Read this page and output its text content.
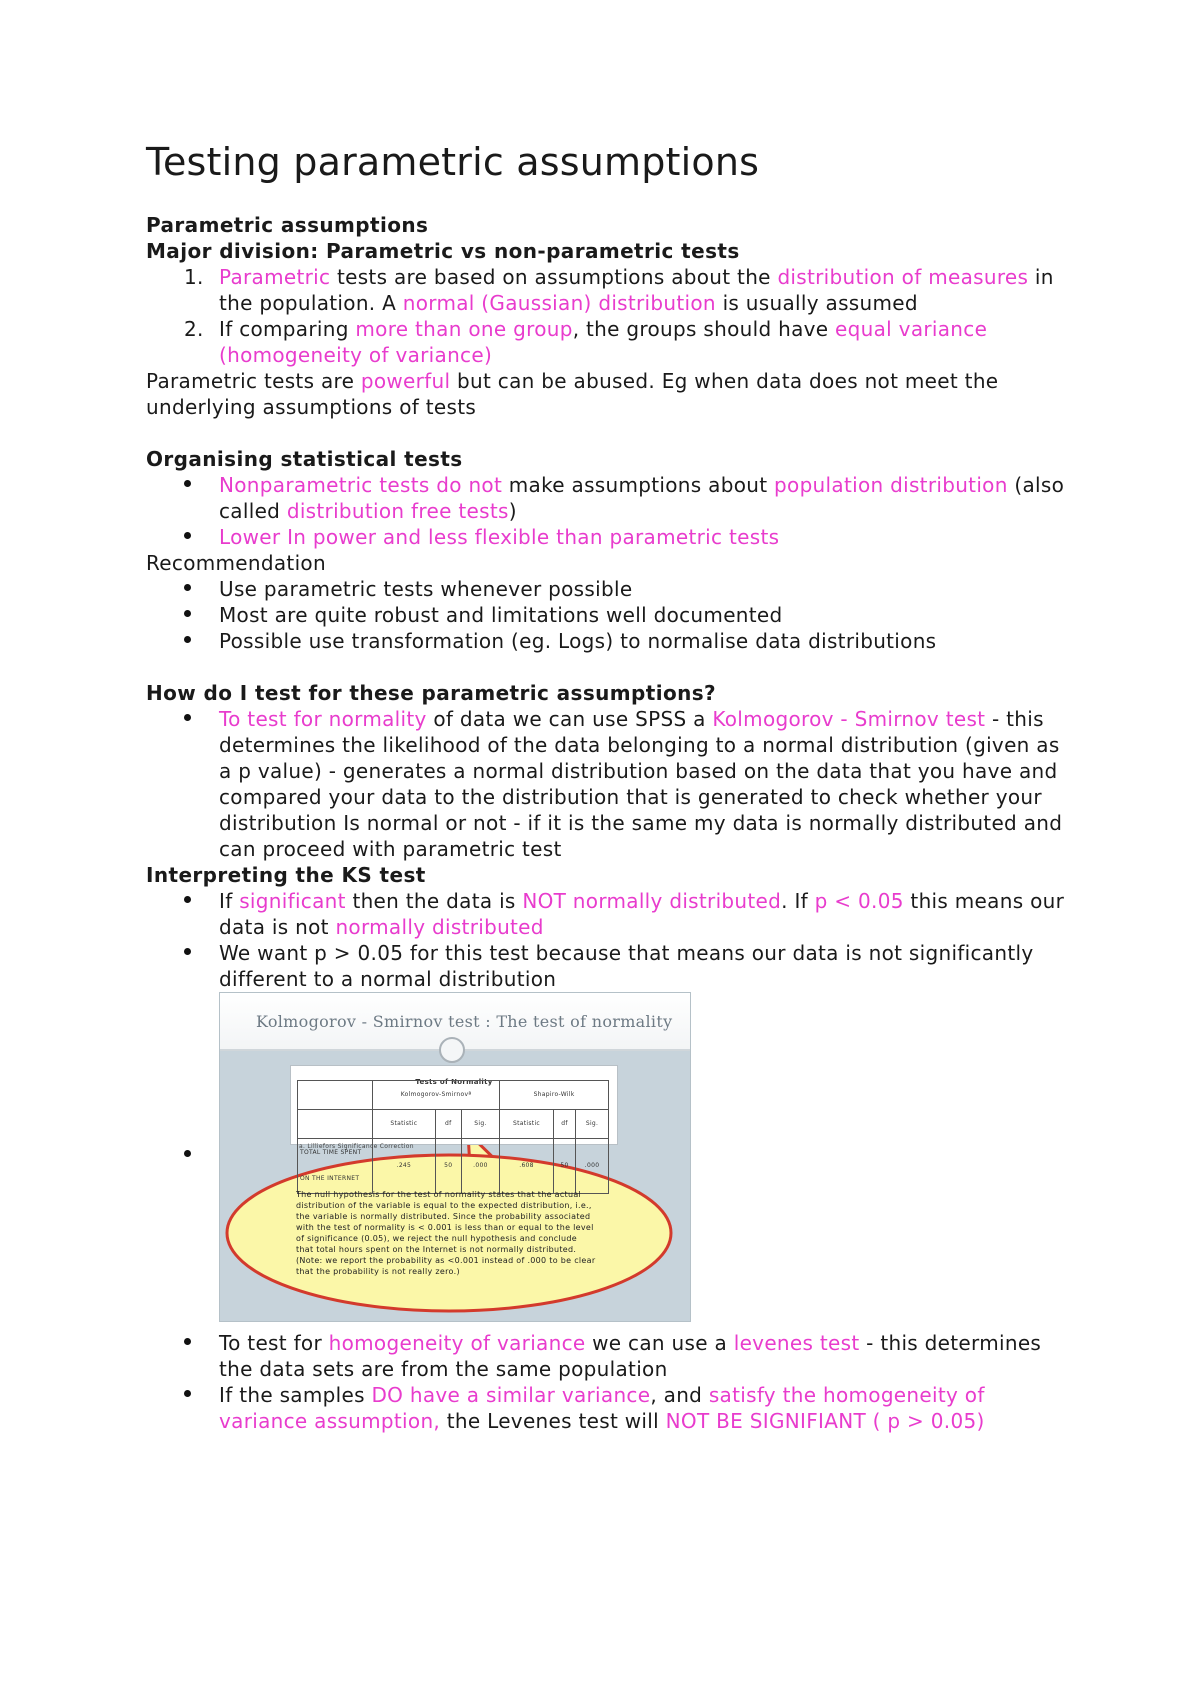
Testing parametric assumptions
Parametric assumptions
Major division: Parametric vs non-parametric tests
1. Parametric tests are based on assumptions about the distribution of measures in the population. A normal (Gaussian) distribution is usually assumed
2. If comparing more than one group, the groups should have equal variance (homogeneity of variance)
Parametric tests are powerful but can be abused. Eg when data does not meet the underlying assumptions of tests
Organising statistical tests
Nonparametric tests do not make assumptions about population distribution (also called distribution free tests)
Lower In power and less flexible than parametric tests
Recommendation
Use parametric tests whenever possible
Most are quite robust and limitations well documented
Possible use transformation (eg. Logs) to normalise data distributions
How do I test for these parametric assumptions?
To test for normality of data we can use SPSS a Kolmogorov - Smirnov test - this determines the likelihood of the data belonging to a normal distribution (given as a p value) - generates a normal distribution based on the data that you have and compared your data to the distribution that is generated to check whether your distribution Is normal or not - if it is the same my data is normally distributed and can proceed with parametric test
Interpreting the KS test
If significant then the data is NOT normally distributed. If p < 0.05 this means our data is not normally distributed
We want p > 0.05 for this test because that means our data is not significantly different to a normal distribution
Kolmogorov - Smirnov test : The test of normality
Tests of Normality
	Kolmogorov-Smirnovª			Shapiro-Wilk		
	Statistic	df	Sig.	Statistic	df	Sig.
TOTAL TIME SPENT ON THE INTERNET	.245	50	.000	.608	50	.000
a. Lilliefors Significance Correction
The null hypothesis for the test of normality states that the actual distribution of the variable is equal to the expected distribution, i.e., the variable is normally distributed. Since the probability associated with the test of normality is < 0.001 is less than or equal to the level of significance (0.05), we reject the null hypothesis and conclude that total hours spent on the Internet is not normally distributed.
(Note: we report the probability as <0.001 instead of .000 to be clear that the probability is not really zero.)
To test for homogeneity of variance we can use a levenes test - this determines the data sets are from the same population
If the samples DO have a similar variance, and satisfy the homogeneity of variance assumption, the Levenes test will NOT BE SIGNIFIANT ( p > 0.05)
